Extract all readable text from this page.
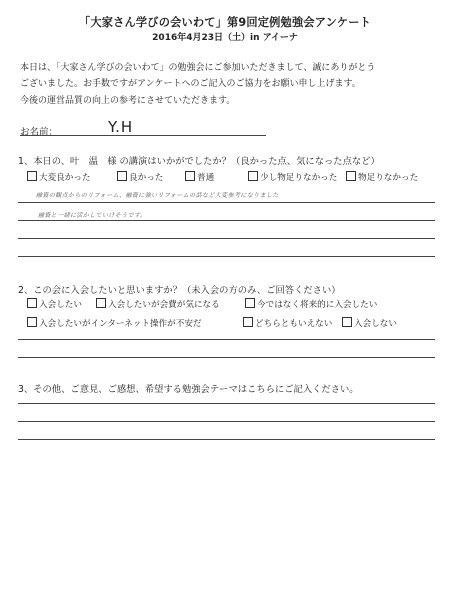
「大家さん学びの会いわて」第9回定例勉強会アンケート
2016年4月23日（土）in アイーナ
本日は、「大家さん学びの会いわて」の勉強会にご参加いただきまして、誠にありがとう
ございました。お手数ですがアンケートへのご記入のご協力をお願い申し上げます。
今後の運営品質の向上の参考にさせていただきます。
お名前：	Y.H
1、本日の、叶　温　様 の講演はいかがでしたか？（良かった点、気になった点など）
大変良かった	良かった	普通	少し物足りなかった	物足りなかった
融資の観点からのリフォーム、融資に強いリフォームの話など大変参考になりました
融資と一緒に活かしていけそうです。
2、この会に入会したいと思いますか？（未入会の方のみ、ご回答ください）
入会したい	入会したいが会費が気になる	今ではなく将来的に入会したい
入会したいがインターネット操作が不安だ	どちらともいえない	入会しない
3、その他、ご意見、ご感想、希望する勉強会テーマはこちらにご記入ください。
